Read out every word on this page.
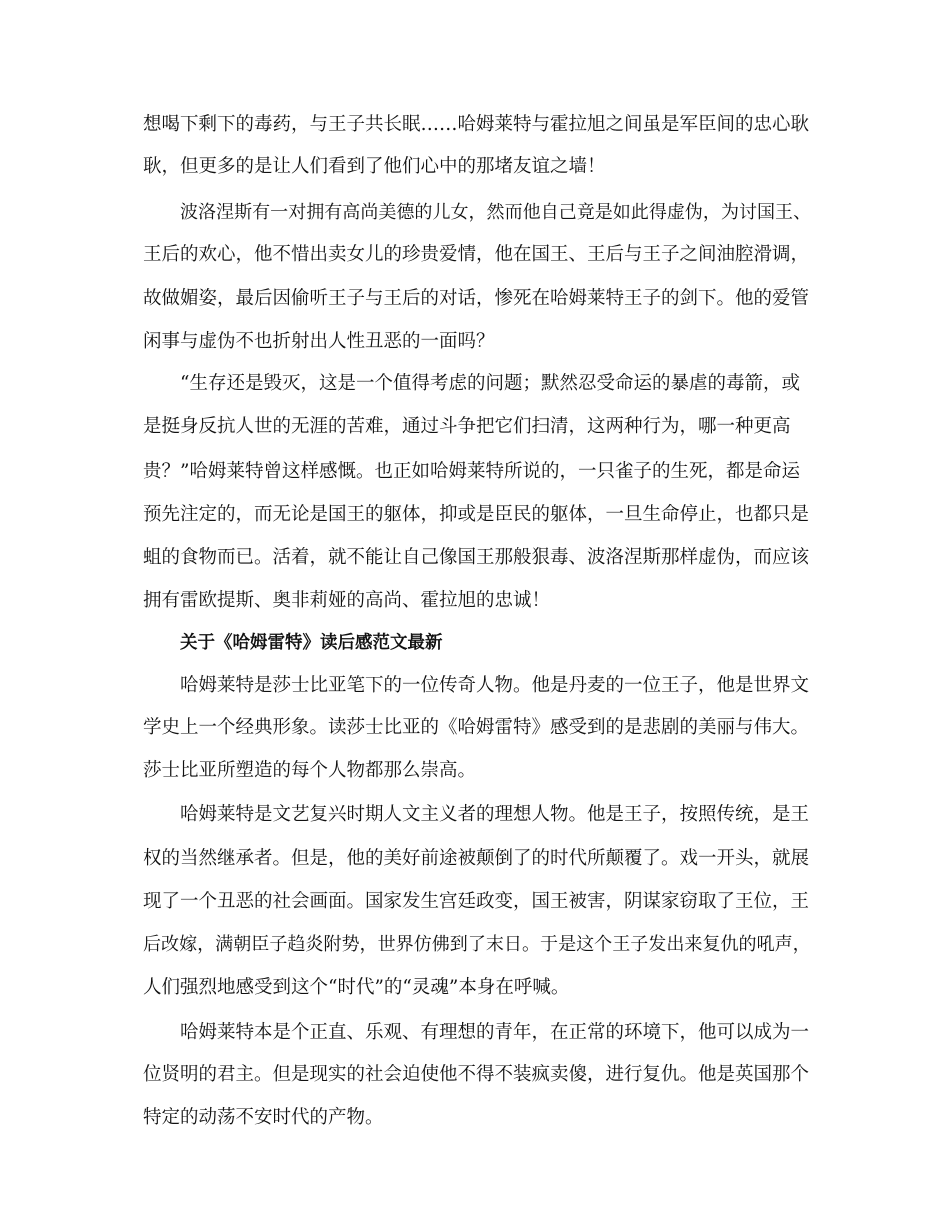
想喝下剩下的毒药，与王子共长眠……哈姆莱特与霍拉旭之间虽是军臣间的忠心耿
耿，但更多的是让人们看到了他们心中的那堵友谊之墙！
波洛涅斯有一对拥有高尚美德的儿女，然而他自己竟是如此得虚伪，为讨国王、
王后的欢心，他不惜出卖女儿的珍贵爱情，他在国王、王后与王子之间油腔滑调，
故做媚姿，最后因偷听王子与王后的对话，惨死在哈姆莱特王子的剑下。他的爱管
闲事与虚伪不也折射出人性丑恶的一面吗？
“生存还是毁灭，这是一个值得考虑的问题；默然忍受命运的暴虐的毒箭，或
是挺身反抗人世的无涯的苦难，通过斗争把它们扫清，这两种行为，哪一种更高
贵？”哈姆莱特曾这样感慨。也正如哈姆莱特所说的，一只雀子的生死，都是命运
预先注定的，而无论是国王的躯体，抑或是臣民的躯体，一旦生命停止，也都只是
蛆的食物而已。活着，就不能让自己像国王那般狠毒、波洛涅斯那样虚伪，而应该
拥有雷欧提斯、奥非莉娅的高尚、霍拉旭的忠诚！
关于《哈姆雷特》读后感范文最新
哈姆莱特是莎士比亚笔下的一位传奇人物。他是丹麦的一位王子，他是世界文
学史上一个经典形象。读莎士比亚的《哈姆雷特》感受到的是悲剧的美丽与伟大。
莎士比亚所塑造的每个人物都那么崇高。
哈姆莱特是文艺复兴时期人文主义者的理想人物。他是王子，按照传统，是王
权的当然继承者。但是，他的美好前途被颠倒了的时代所颠覆了。戏一开头，就展
现了一个丑恶的社会画面。国家发生宫廷政变，国王被害，阴谋家窃取了王位，王
后改嫁，满朝臣子趋炎附势，世界仿佛到了末日。于是这个王子发出来复仇的吼声，
人们强烈地感受到这个“时代”的“灵魂”本身在呼喊。
哈姆莱特本是个正直、乐观、有理想的青年，在正常的环境下，他可以成为一
位贤明的君主。但是现实的社会迫使他不得不装疯卖傻，进行复仇。他是英国那个
特定的动荡不安时代的产物。
